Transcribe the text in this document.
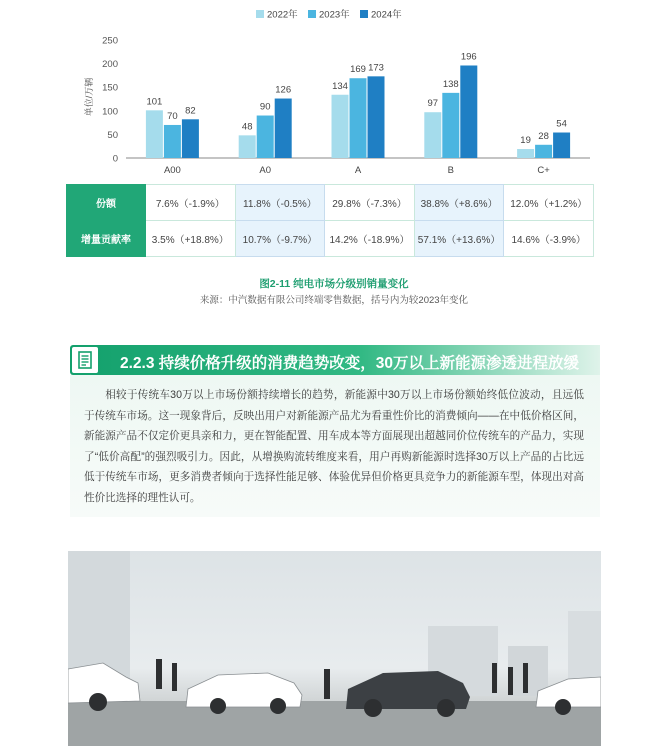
2022年 2023年 2024年
单位/万辆
0
50
100
150
200
250
101
70
82
A00
48
90
126
A0
134
169 173
A
97
138
196
B
19 28
54
C+
份额	7.6%（-1.9%）	11.8%（-0.5%）	29.8%（-7.3%）	38.8%（+8.6%）	12.0%（+1.2%）
增量贡献率	3.5%（+18.8%）	10.7%（-9.7%）	14.2%（-18.9%）	57.1%（+13.6%）	14.6%（-3.9%）

图2-11 纯电市场分级别销量变化

来源：中汽数据有限公司终端零售数据，括号内为较2023年变化

2.2.3 持续价格升级的消费趋势改变，30万以上新能源渗透进程放缓

相较于传统车30万以上市场份额持续增长的趋势，新能源中30万以上市场份额始终低位波动，且远低于传统车市场。这一现象背后，反映出用户对新能源产品尤为看重性价比的消费倾向——在中低价格区间，新能源产品不仅定价更具亲和力，更在智能配置、用车成本等方面展现出超越同价位传统车的产品力，实现了“低价高配”的强烈吸引力。因此，从增换购流转维度来看，用户再购新能源时选择30万以上产品的占比远低于传统车市场，更多消费者倾向于选择性能足够、体验优异但价格更具竞争力的新能源车型，体现出对高性价比选择的理性认可。
